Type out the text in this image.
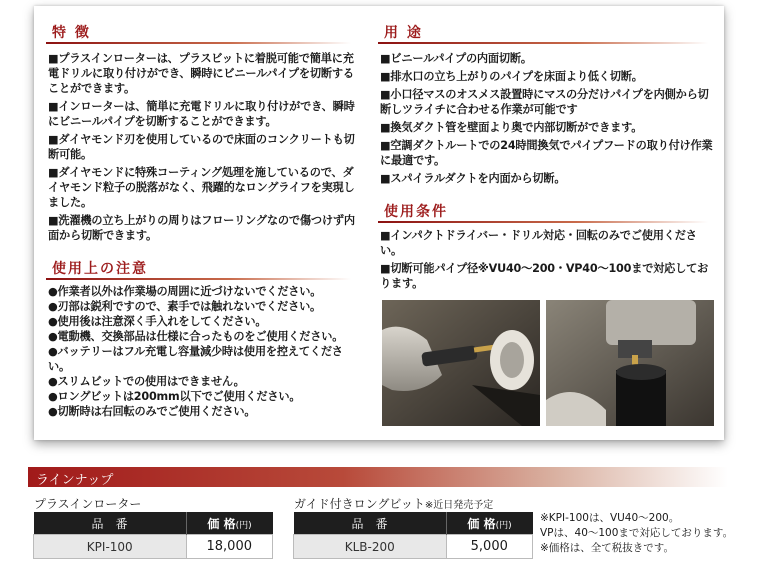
特 徴

■プラスインローターは、プラスビットに着脱可能で簡単に充電ドリルに取り付けができ、瞬時にビニールパイプを切断することができます。

■インローターは、簡単に充電ドリルに取り付けができ、瞬時にビニールパイプを切断することができます。

■ダイヤモンド刃を使用しているので床面のコンクリートも切断可能。

■ダイヤモンドに特殊コーティング処理を施しているので、ダイヤモンド粒子の脱落がなく、飛躍的なロングライフを実現しました。

■洗濯機の立ち上がりの周りはフローリングなので傷つけず内面から切断できます。

使用上の注意

●作業者以外は作業場の周囲に近づけないでください。

●刃部は鋭利ですので、素手では触れないでください。

●使用後は注意深く手入れをしてください。

●電動機、交換部品は仕様に合ったものをご使用ください。

●バッテリーはフル充電し容量減少時は使用を控えてください。

●スリムビットでの使用はできません。

●ロングビットは200mm以下でご使用ください。

●切断時は右回転のみでご使用ください。

用 途

■ビニールパイプの内面切断。

■排水口の立ち上がりのパイプを床面より低く切断。

■小口径マスのオスメス設置時にマスの分だけパイプを内側から切断しツライチに合わせる作業が可能です

■換気ダクト管を壁面より奥で内部切断ができます。

■空調ダクトルートでの24時間換気でパイプフードの取り付け作業に最適です。

■スパイラルダクトを内面から切断。

使用条件

■インパクトドライバー・ドリル対応・回転のみでご使用ください。

■切断可能パイプ径※VU40～200・VP40～100まで対応しております。

ラインナップ
プラスインローター
品　番	価 格(円)
KPI-100	18,000
ガイド付きロングビット※近日発売予定
品　番	価 格(円)
KLB-200	5,000
※KPI-100は、VU40～200。
VPは、40～100まで対応しております。
※価格は、全て税抜きです。
